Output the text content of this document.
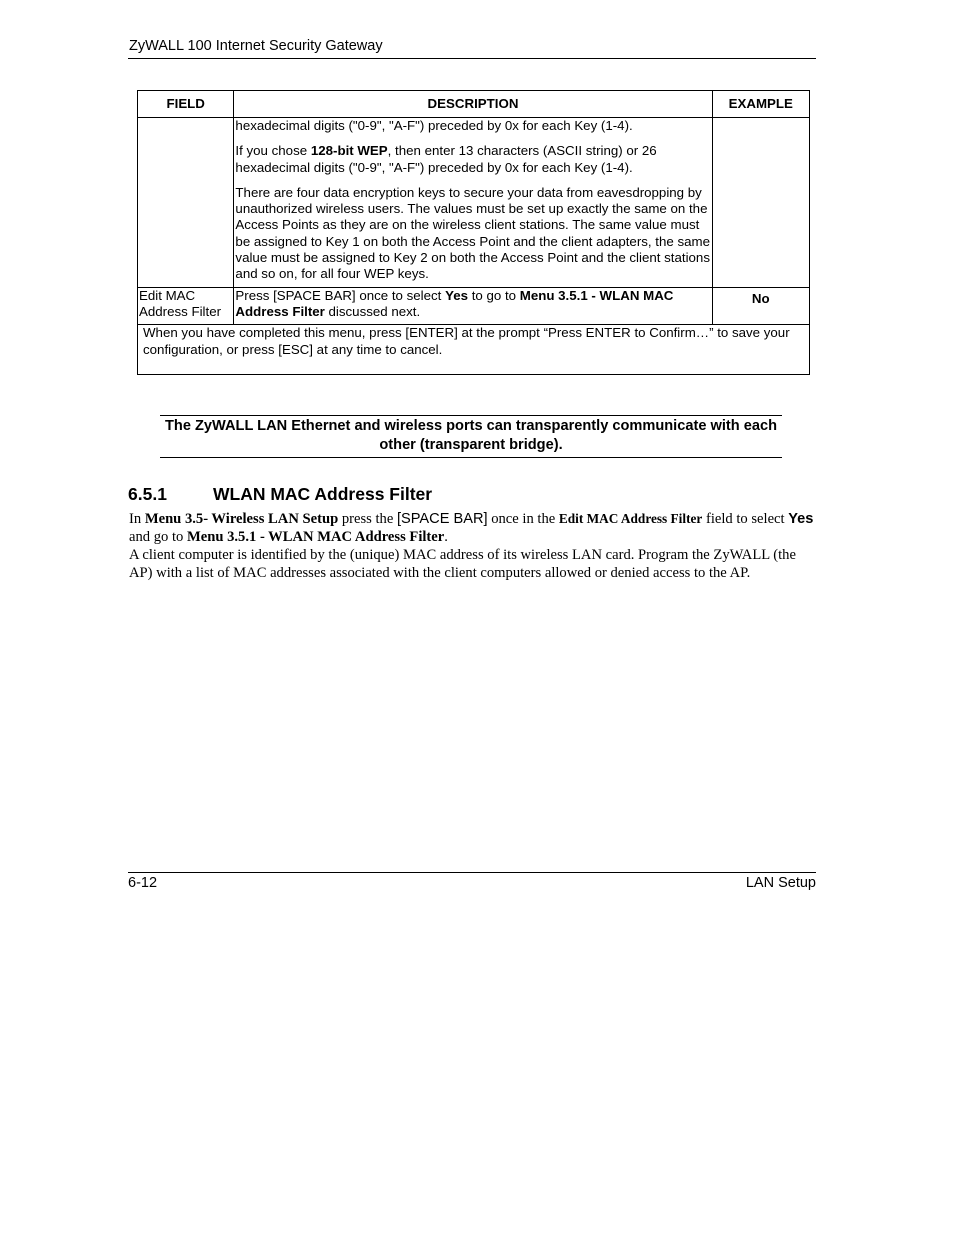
ZyWALL 100 Internet Security Gateway
FIELD	DESCRIPTION	EXAMPLE

	hexadecimal digits ("0-9", "A-F") preceded by 0x for each Key (1-4).

If you chose 128-bit WEP, then enter 13 characters (ASCII string) or 26 hexadecimal digits ("0-9", "A-F") preceded by 0x for each Key (1-4).

There are four data encryption keys to secure your data from eavesdropping by unauthorized wireless users. The values must be set up exactly the same on the Access Points as they are on the wireless client stations. The same value must be assigned to Key 1 on both the Access Point and the client adapters, the same value must be assigned to Key 2 on both the Access Point and the client stations and so on, for all four WEP keys.	

Edit MAC Address Filter	Press [SPACE BAR] once to select Yes to go to Menu 3.5.1 - WLAN MAC Address Filter discussed next.	No
When you have completed this menu, press [ENTER] at the prompt “Press ENTER to Confirm…” to save your configuration, or press [ESC] at any time to cancel.		
The ZyWALL LAN Ethernet and wireless ports can transparently communicate with each other (transparent bridge).
6.5.1	WLAN MAC Address Filter

In Menu 3.5- Wireless LAN Setup press the [SPACE BAR] once in the Edit MAC Address Filter field to select Yes and go to Menu 3.5.1 - WLAN MAC Address Filter.

A client computer is identified by the (unique) MAC address of its wireless LAN card. Program the ZyWALL (the AP) with a list of MAC addresses associated with the client computers allowed or denied access to the AP.

6-12	LAN Setup
